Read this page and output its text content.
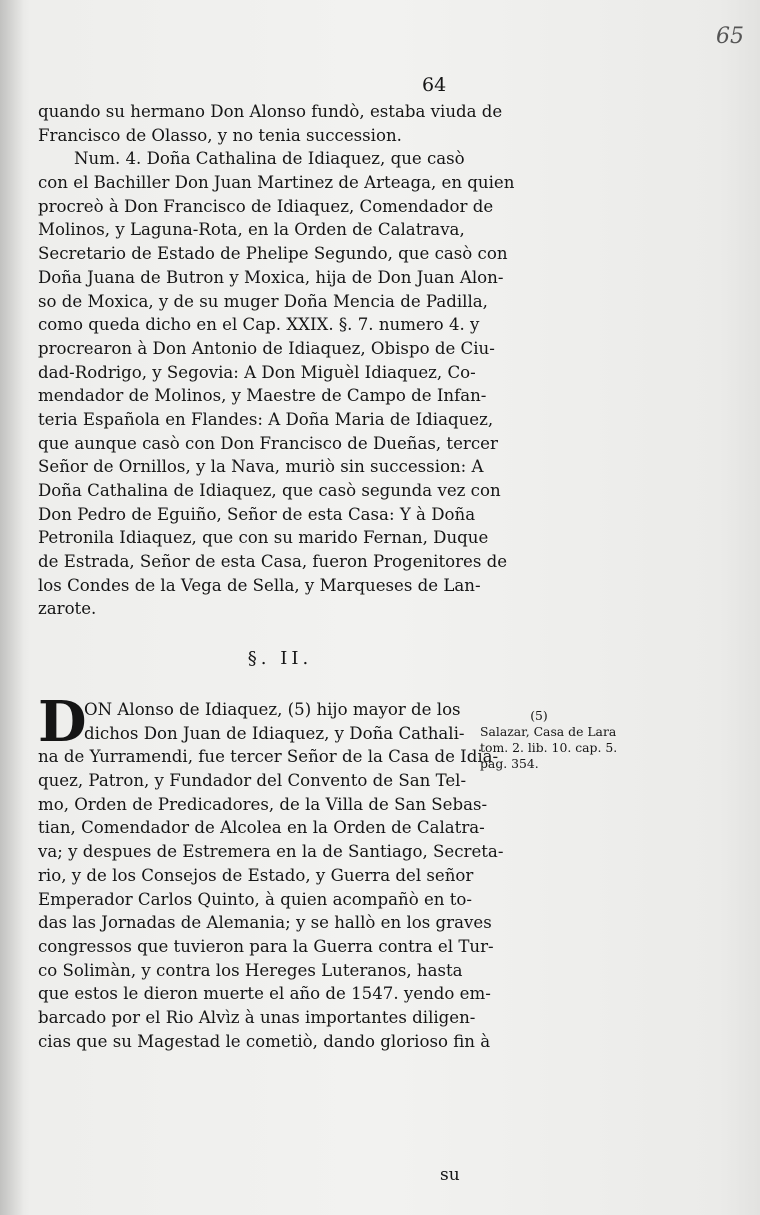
65
64
quando su hermano Don Alonso fundò, estaba viuda de
Francisco de Olasso, y no tenia succession.
Num. 4. Doña Cathalina de Idiaquez, que casò
con el Bachiller Don Juan Martinez de Arteaga, en quien
procreò à Don Francisco de Idiaquez, Comendador de
Molinos, y Laguna-Rota, en la Orden de Calatrava,
Secretario de Estado de Phelipe Segundo, que casò con
Doña Juana de Butron y Moxica, hija de Don Juan Alon-
so de Moxica, y de su muger Doña Mencia de Padilla,
como queda dicho en el Cap. XXIX. §. 7. numero 4. y
procrearon à Don Antonio de Idiaquez, Obispo de Ciu-
dad-Rodrigo, y Segovia: A Don Miguèl Idiaquez, Co-
mendador de Molinos, y Maestre de Campo de Infan-
teria Española en Flandes: A Doña Maria de Idiaquez,
que aunque casò con Don Francisco de Dueñas, tercer
Señor de Ornillos, y la Nava, muriò sin succession: A
Doña Cathalina de Idiaquez, que casò segunda vez con
Don Pedro de Eguiño, Señor de esta Casa: Y à Doña
Petronila Idiaquez, que con su marido Fernan, Duque
de Estrada, Señor de esta Casa, fueron Progenitores de
los Condes de la Vega de Sella, y Marqueses de Lan-
zarote.
§. II.
D
ON Alonso de Idiaquez, (5) hijo mayor de los
dichos Don Juan de Idiaquez, y Doña Cathali-
na de Yurramendi, fue tercer Señor de la Casa de Idia-
quez, Patron, y Fundador del Convento de San Tel-
mo, Orden de Predicadores, de la Villa de San Sebas-
tian, Comendador de Alcolea en la Orden de Calatra-
va; y despues de Estremera en la de Santiago, Secreta-
rio, y de los Consejos de Estado, y Guerra del señor
Emperador Carlos Quinto, à quien acompañò en to-
das las Jornadas de Alemania; y se hallò en los graves
congressos que tuvieron para la Guerra contra el Tur-
co Solimàn, y contra los Hereges Luteranos, hasta
que estos le dieron muerte el año de 1547. yendo em-
barcado por el Rio Alvìz à unas importantes diligen-
cias que su Magestad le cometiò, dando glorioso fin à
(5)
Salazar, Casa de Lara
tom. 2. lib. 10. cap. 5.
pag. 354.
su
